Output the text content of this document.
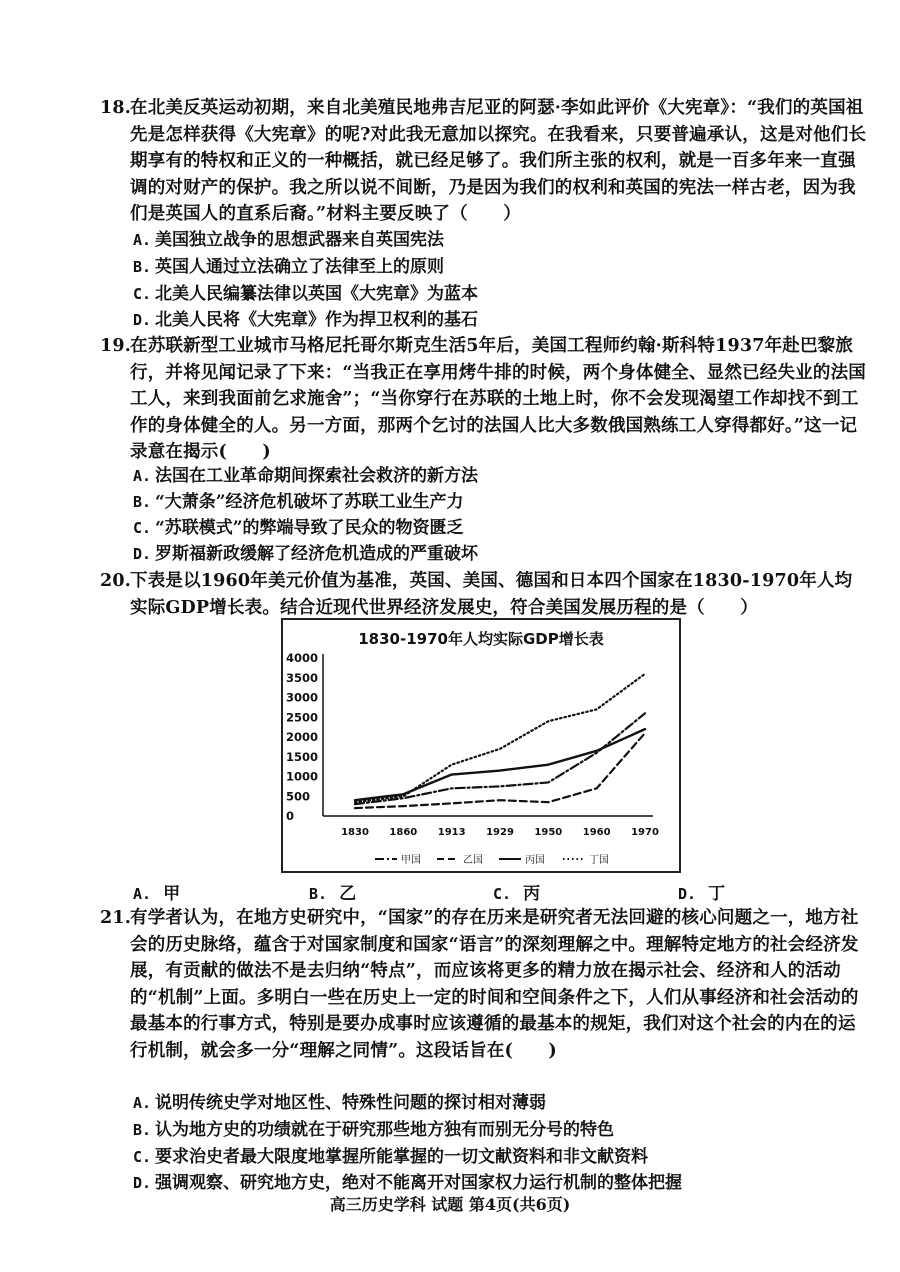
18.
在北美反英运动初期，来自北美殖民地弗吉尼亚的阿瑟·李如此评价《大宪章》：“我们的英国祖先是怎样获得《大宪章》的呢?对此我无意加以探究。在我看来，只要普遍承认，这是对他们长期享有的特权和正义的一种概括，就已经足够了。我们所主张的权利，就是一百多年来一直强调的对财产的保护。我之所以说不间断，乃是因为我们的权利和英国的宪法一样古老，因为我们是英国人的直系后裔。”材料主要反映了（　　）
A. 美国独立战争的思想武器来自英国宪法
B. 英国人通过立法确立了法律至上的原则
C. 北美人民编纂法律以英国《大宪章》为蓝本
D. 北美人民将《大宪章》作为捍卫权利的基石
19.
在苏联新型工业城市马格尼托哥尔斯克生活5年后，美国工程师约翰·斯科特1937年赴巴黎旅行，并将见闻记录了下来：“当我正在享用烤牛排的时候，两个身体健全、显然已经失业的法国工人，来到我面前乞求施舍”；“当你穿行在苏联的土地上时，你不会发现渴望工作却找不到工作的身体健全的人。另一方面，那两个乞讨的法国人比大多数俄国熟练工人穿得都好。”这一记录意在揭示(　　)
A. 法国在工业革命期间探索社会救济的新方法
B. “大萧条”经济危机破坏了苏联工业生产力
C. “苏联模式”的弊端导致了民众的物资匮乏
D. 罗斯福新政缓解了经济危机造成的严重破坏
20.
下表是以1960年美元价值为基准，英国、美国、德国和日本四个国家在1830-1970年人均实际GDP增长表。结合近现代世界经济发展史，符合美国发展历程的是（　　）
1830-1970年人均实际GDP增长表
0
500
1000
1500
2000
2500
3000
3500
4000
1830 1860 1913 1929 1950 1960 1970
甲国	乙国	丙国	丁国
A. 甲	B. 乙	C. 丙	D. 丁
21.
有学者认为，在地方史研究中，“国家”的存在历来是研究者无法回避的核心问题之一，地方社会的历史脉络，蕴含于对国家制度和国家“语言”的深刻理解之中。理解特定地方的社会经济发展，有贡献的做法不是去归纳“特点”，而应该将更多的精力放在揭示社会、经济和人的活动的“机制”上面。多明白一些在历史上一定的时间和空间条件之下，人们从事经济和社会活动的最基本的行事方式，特别是要办成事时应该遵循的最基本的规矩，我们对这个社会的内在的运行机制，就会多一分“理解之同情”。这段话旨在(　　)
A. 说明传统史学对地区性、特殊性问题的探讨相对薄弱
B. 认为地方史的功绩就在于研究那些地方独有而别无分号的特色
C. 要求治史者最大限度地掌握所能掌握的一切文献资料和非文献资料
D. 强调观察、研究地方史，绝对不能离开对国家权力运行机制的整体把握
高三历史学科 试题 第4页(共6页)
